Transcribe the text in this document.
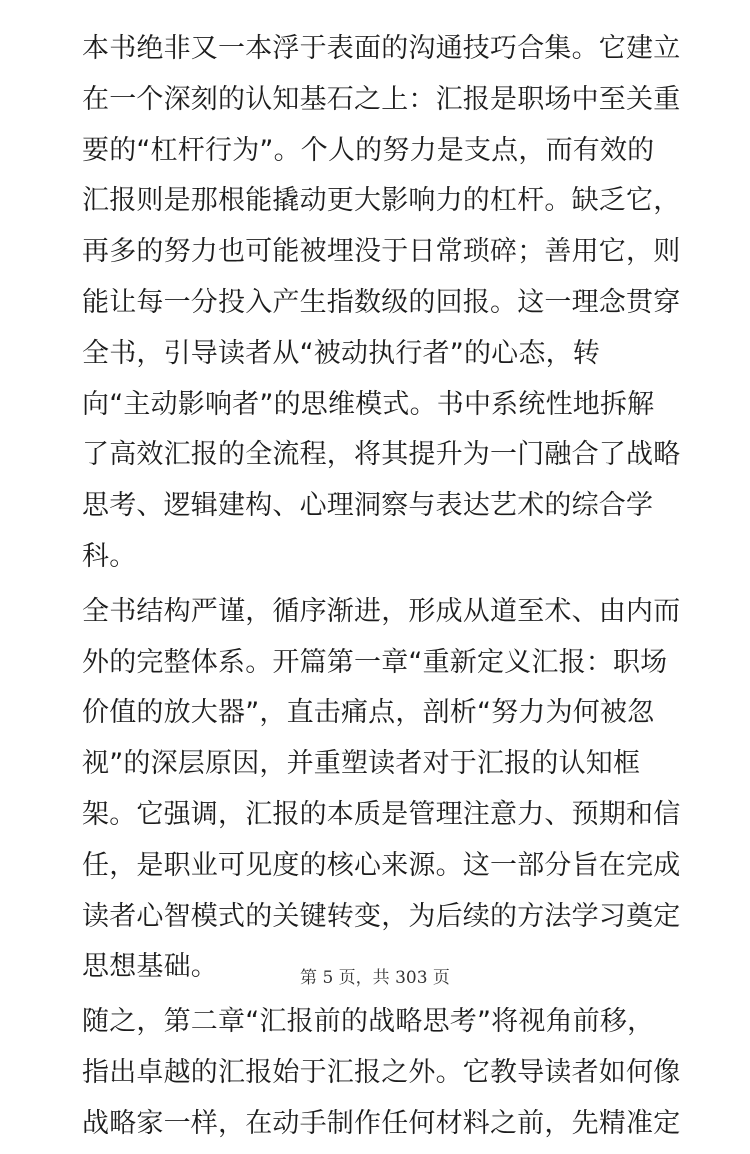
本书绝非又一本浮于表面的沟通技巧合集。它建立
在一个深刻的认知基石之上：汇报是职场中至关重
要的“杠杆行为”。个人的努力是支点，而有效的
汇报则是那根能撬动更大影响力的杠杆。缺乏它，
再多的努力也可能被埋没于日常琐碎；善用它，则
能让每一分投入产生指数级的回报。这一理念贯穿
全书，引导读者从“被动执行者”的心态，转
向“主动影响者”的思维模式。书中系统性地拆解
了高效汇报的全流程，将其提升为一门融合了战略
思考、逻辑建构、心理洞察与表达艺术的综合学
科。
全书结构严谨，循序渐进，形成从道至术、由内而
外的完整体系。开篇第一章“重新定义汇报：职场
价值的放大器”，直击痛点，剖析“努力为何被忽
视”的深层原因，并重塑读者对于汇报的认知框
架。它强调，汇报的本质是管理注意力、预期和信
任，是职业可见度的核心来源。这一部分旨在完成
读者心智模式的关键转变，为后续的方法学习奠定
思想基础。
随之，第二章“汇报前的战略思考”将视角前移，
指出卓越的汇报始于汇报之外。它教导读者如何像
战略家一样，在动手制作任何材料之前，先精准定
第 5 页，共 303 页
